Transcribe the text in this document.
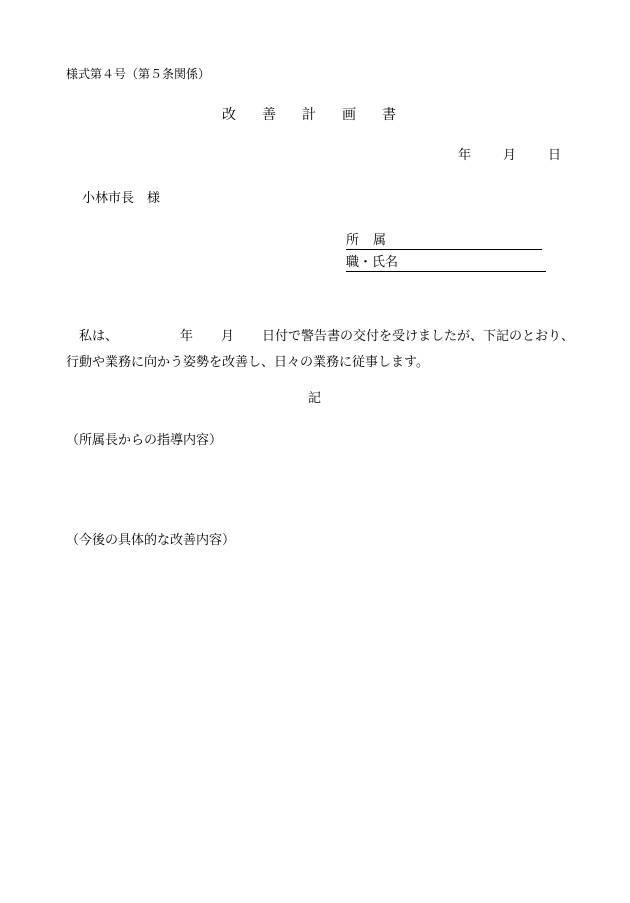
様式第４号（第５条関係）
改 善 計 画 書
年 月 日
小林市長　様
所属
職・氏名
私は、	年 月 日付で警告書の交付を受けましたが、下記のとおり、
行動や業務に向かう姿勢を改善し、日々の業務に従事します。
記
（所属長からの指導内容）
（今後の具体的な改善内容）
